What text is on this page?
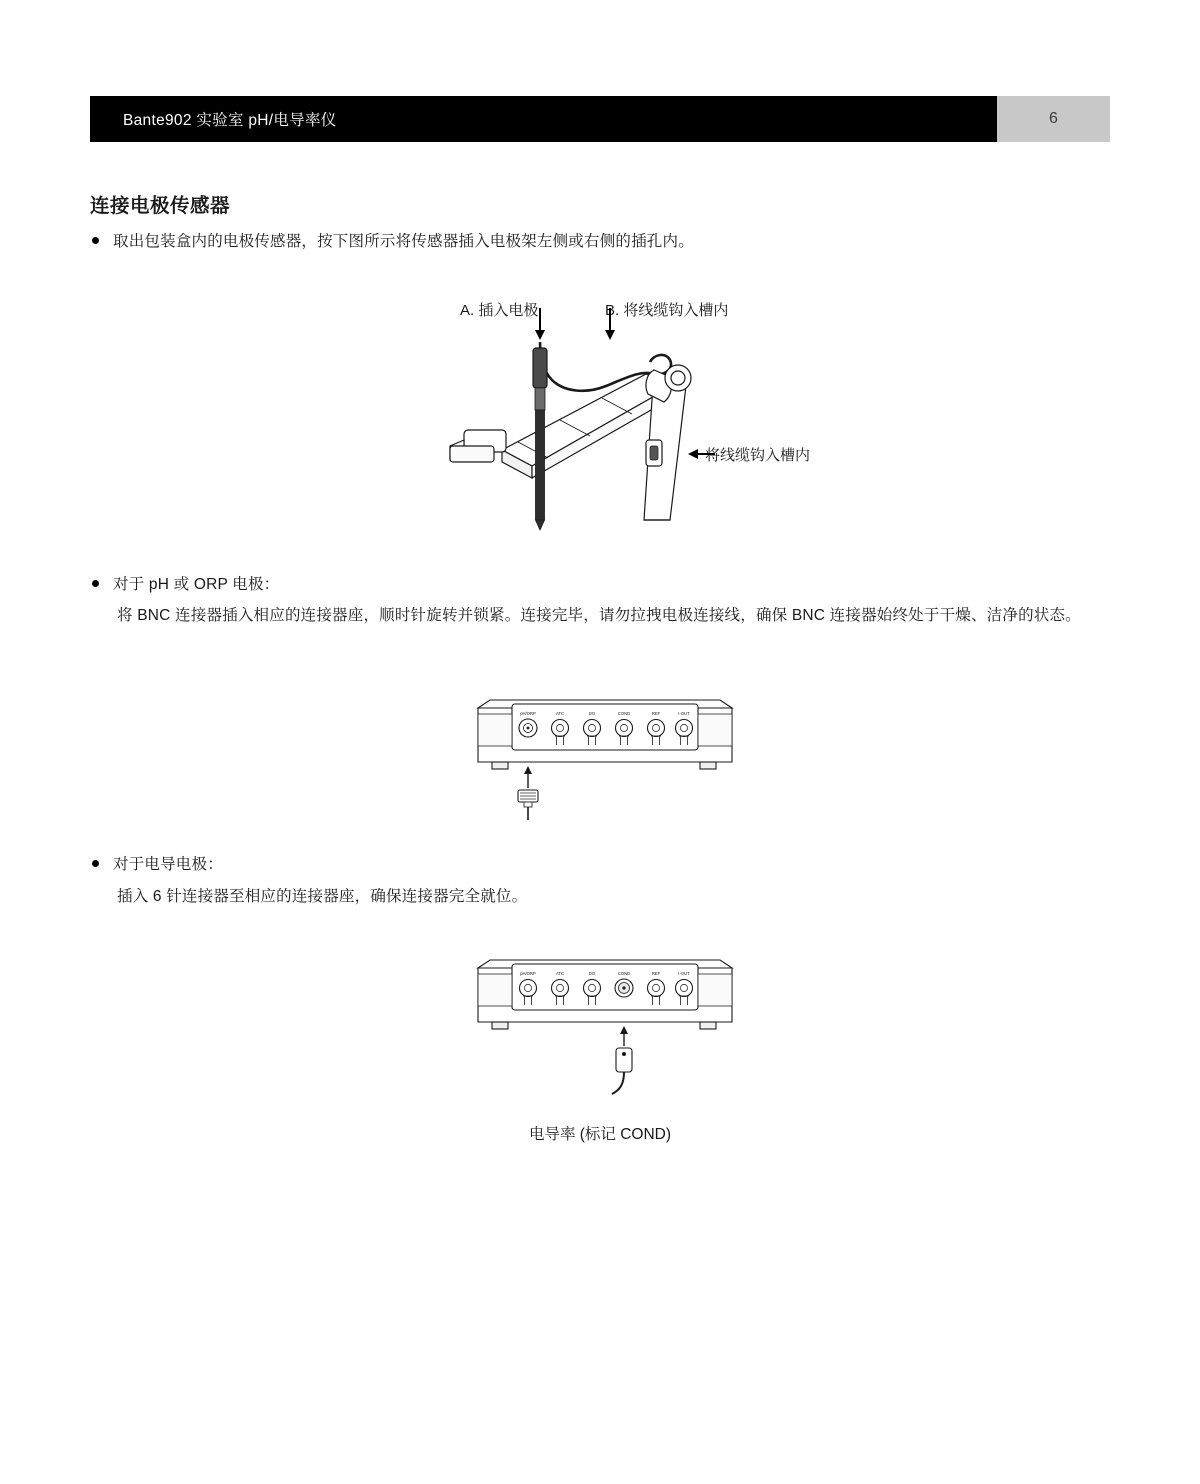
Bante902 实验室 pH/电导率仪	6
连接电极传感器
取出包装盒内的电极传感器，按下图所示将传感器插入电极架左侧或右侧的插孔内。
A. 插入电极	B. 将线缆钩入槽内
将线缆钩入槽内
对于 pH 或 ORP 电极：
将 BNC 连接器插入相应的连接器座，顺时针旋转并锁紧。连接完毕，请勿拉拽电极连接线，确保 BNC 连接器始终处于干燥、洁净的状态。
pH/ORP	ATC	DO	COND	REF	I-OUT
对于电导电极：
插入 6 针连接器至相应的连接器座，确保连接器完全就位。
pH/ORP	ATC	DO	COND	REF	I-OUT
电导率 (标记 COND)
